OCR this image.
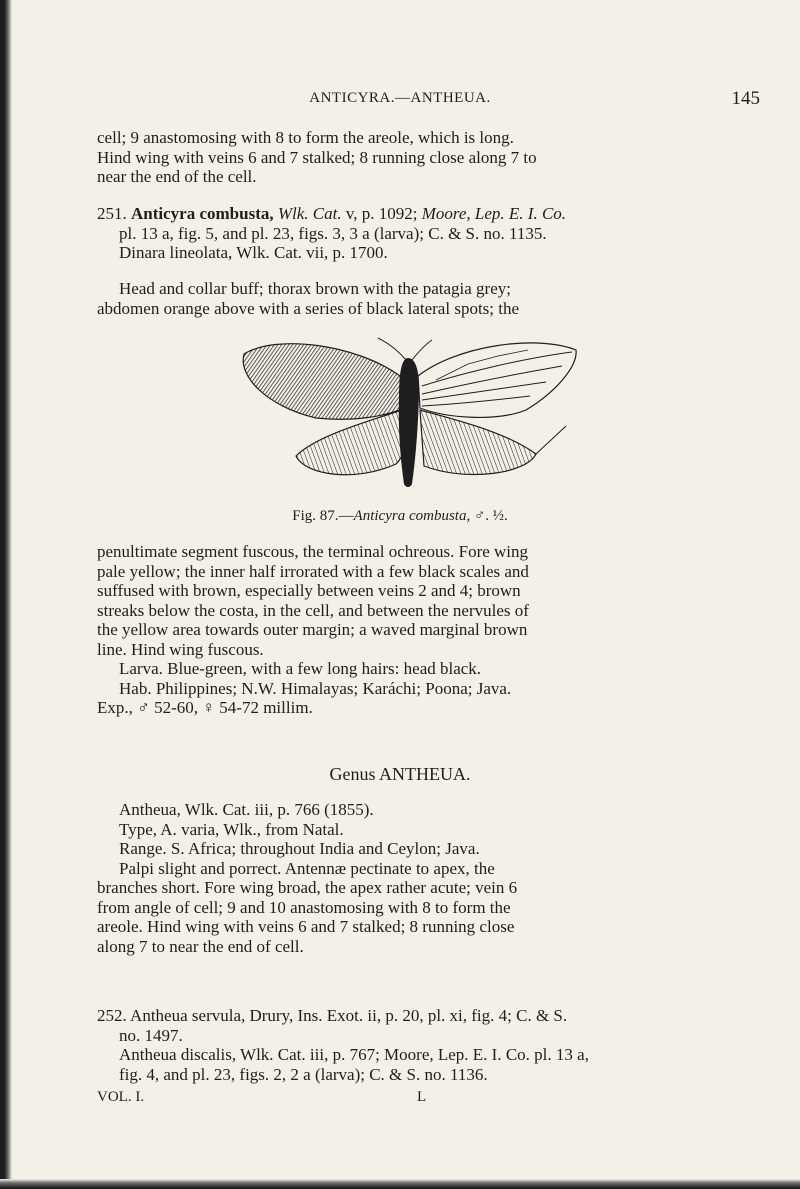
ANTICYRA.—ANTHEUA.	145

cell; 9 anastomosing with 8 to form the areole, which is long.

Hind wing with veins 6 and 7 stalked; 8 running close along 7 to

near the end of the cell.

251. Anticyra combusta, Wlk. Cat. v, p. 1092; Moore, Lep. E. I. Co.

pl. 13 a, fig. 5, and pl. 23, figs. 3, 3 a (larva); C. & S. no. 1135.

Dinara lineolata, Wlk. Cat. vii, p. 1700.

Head and collar buff; thorax brown with the patagia grey;

abdomen orange above with a series of black lateral spots; the

Fig. 87.—Anticyra combusta, ♂. ½.

penultimate segment fuscous, the terminal ochreous. Fore wing

pale yellow; the inner half irrorated with a few black scales and

suffused with brown, especially between veins 2 and 4; brown

streaks below the costa, in the cell, and between the nervules of

the yellow area towards outer margin; a waved marginal brown

line. Hind wing fuscous.

Larva. Blue-green, with a few long hairs: head black.

Hab. Philippines; N.W. Himalayas; Karáchi; Poona; Java.

Exp., ♂ 52-60, ♀ 54-72 millim.

Genus ANTHEUA.

Antheua, Wlk. Cat. iii, p. 766 (1855).

Type, A. varia, Wlk., from Natal.

Range. S. Africa; throughout India and Ceylon; Java.

Palpi slight and porrect. Antennæ pectinate to apex, the

branches short. Fore wing broad, the apex rather acute; vein 6

from angle of cell; 9 and 10 anastomosing with 8 to form the

areole. Hind wing with veins 6 and 7 stalked; 8 running close

along 7 to near the end of cell.

252. Antheua servula, Drury, Ins. Exot. ii, p. 20, pl. xi, fig. 4; C. & S.

no. 1497.

Antheua discalis, Wlk. Cat. iii, p. 767; Moore, Lep. E. I. Co. pl. 13 a,

fig. 4, and pl. 23, figs. 2, 2 a (larva); C. & S. no. 1136.

VOL. I.	L
